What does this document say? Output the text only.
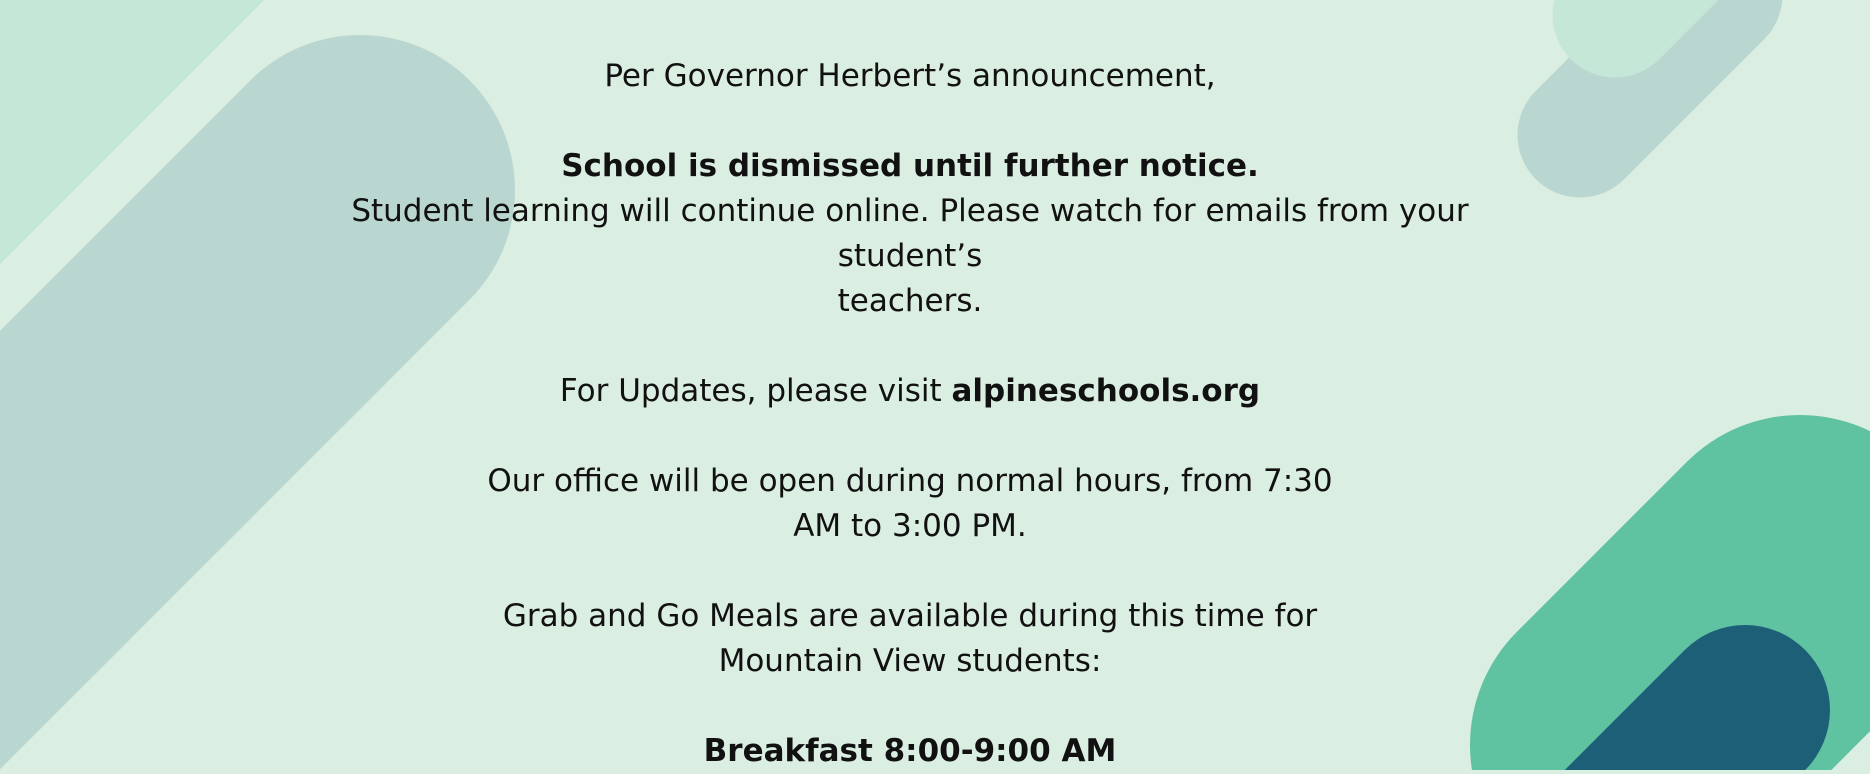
Per Governor Herbert’s announcement,
School is dismissed until further notice.
Student learning will continue online. Please watch for emails from your
student’s
teachers.
For Updates, please visit alpineschools.org
Our office will be open during normal hours, from 7:30
AM to 3:00 PM.
Grab and Go Meals are available during this time for
Mountain View students:
Breakfast 8:00-9:00 AM
